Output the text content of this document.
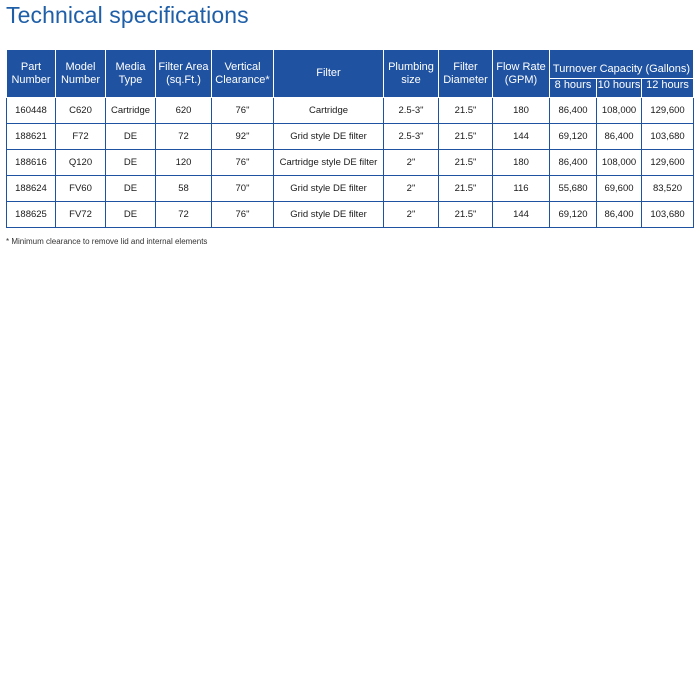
Technical specifications
Part Number	Model Number	Media Type	Filter Area (sq.Ft.)	Vertical Clearance*	Filter	Plumbing size	Filter Diameter	Flow Rate (GPM)	Turnover Capacity (Gallons)		
									8 hours	10 hours	12 hours
160448	C620	Cartridge	620	76"	Cartridge	2.5-3"	21.5"	180	86,400	108,000	129,600
188621	F72	DE	72	92"	Grid style DE filter	2.5-3"	21.5"	144	69,120	86,400	103,680
188616	Q120	DE	120	76"	Cartridge style DE filter	2"	21.5"	180	86,400	108,000	129,600
188624	FV60	DE	58	70"	Grid style DE filter	2"	21.5"	116	55,680	69,600	83,520
188625	FV72	DE	72	76"	Grid style DE filter	2"	21.5"	144	69,120	86,400	103,680
* Minimum clearance to remove lid and internal elements
